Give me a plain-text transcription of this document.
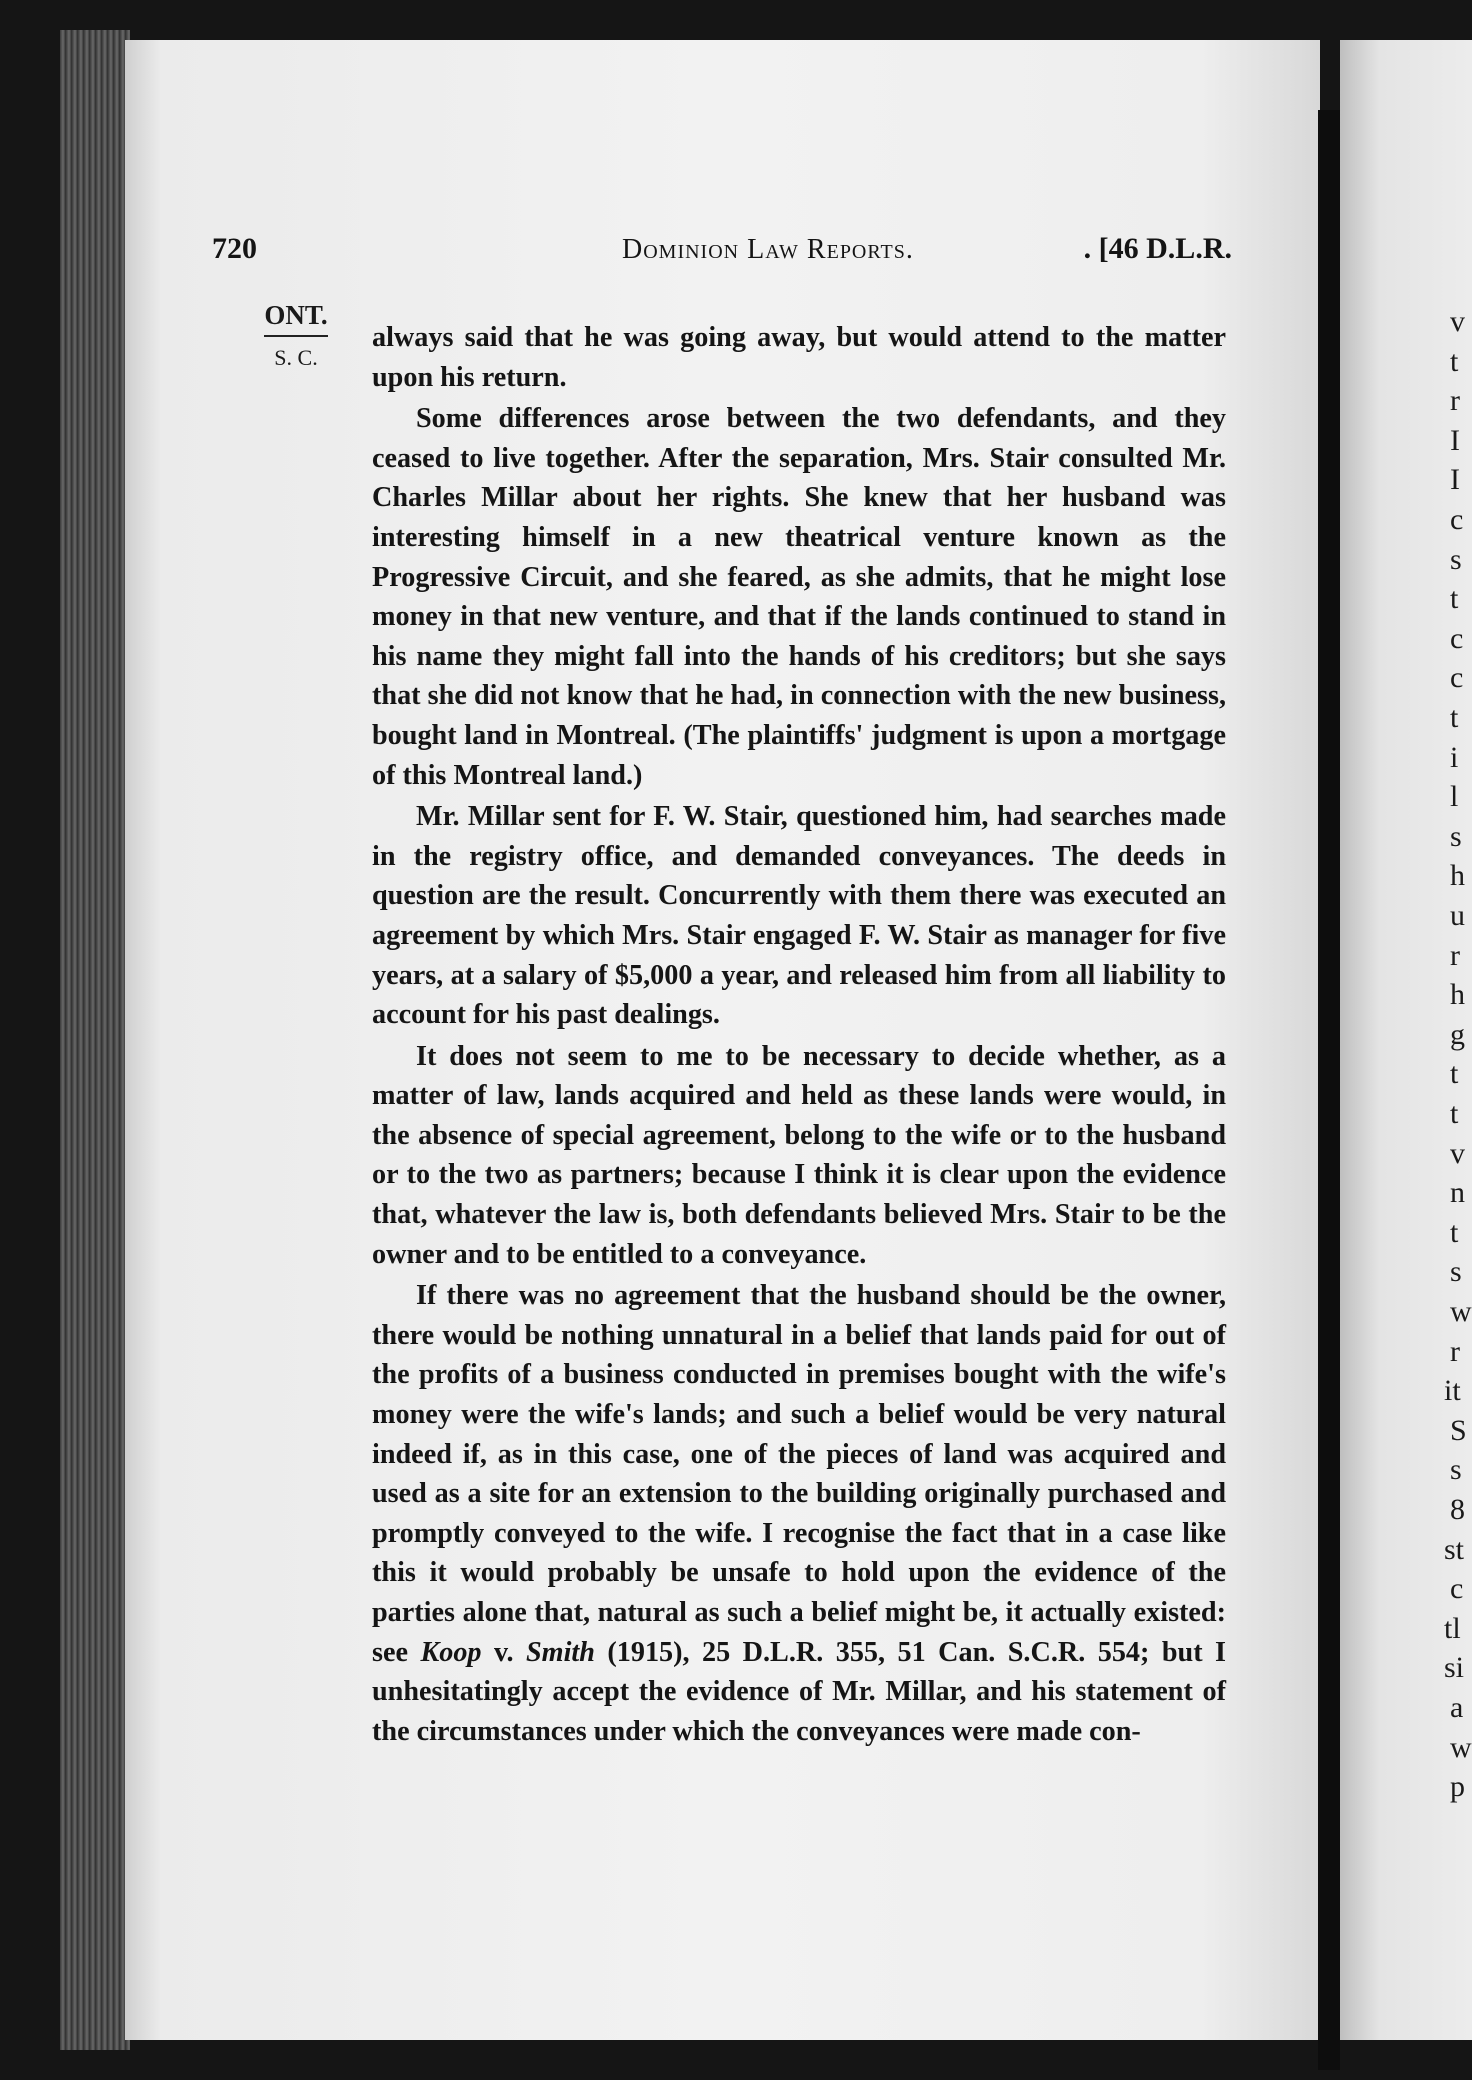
v
t
r
I
I
c
s
t
c
c
t
i
l
s
h
u
r
h
g
t
t
v
n
t
s
w
r
it
S
s
8
st
c
tl
si
a
w
p
720	Dominion Law Reports.	. [46 D.L.R.
ONT.
S. C.

always said that he was going away, but would attend to the matter upon his return.

Some differences arose between the two defendants, and they ceased to live together. After the separation, Mrs. Stair consulted Mr. Charles Millar about her rights. She knew that her husband was interesting himself in a new theatrical venture known as the Progressive Circuit, and she feared, as she admits, that he might lose money in that new venture, and that if the lands continued to stand in his name they might fall into the hands of his creditors; but she says that she did not know that he had, in connection with the new business, bought land in Montreal. (The plaintiffs' judgment is upon a mortgage of this Montreal land.)

Mr. Millar sent for F. W. Stair, questioned him, had searches made in the registry office, and demanded conveyances. The deeds in question are the result. Concurrently with them there was executed an agreement by which Mrs. Stair engaged F. W. Stair as manager for five years, at a salary of $5,000 a year, and released him from all liability to account for his past dealings.

It does not seem to me to be necessary to decide whether, as a matter of law, lands acquired and held as these lands were would, in the absence of special agreement, belong to the wife or to the husband or to the two as partners; because I think it is clear upon the evidence that, whatever the law is, both defendants believed Mrs. Stair to be the owner and to be entitled to a conveyance.

If there was no agreement that the husband should be the owner, there would be nothing unnatural in a belief that lands paid for out of the profits of a business conducted in premises bought with the wife's money were the wife's lands; and such a belief would be very natural indeed if, as in this case, one of the pieces of land was acquired and used as a site for an extension to the building originally purchased and promptly conveyed to the wife. I recognise the fact that in a case like this it would probably be unsafe to hold upon the evidence of the parties alone that, natural as such a belief might be, it actually existed: see Koop v. Smith (1915), 25 D.L.R. 355, 51 Can. S.C.R. 554; but I unhesitatingly accept the evidence of Mr. Millar, and his statement of the circumstances under which the conveyances were made con-
